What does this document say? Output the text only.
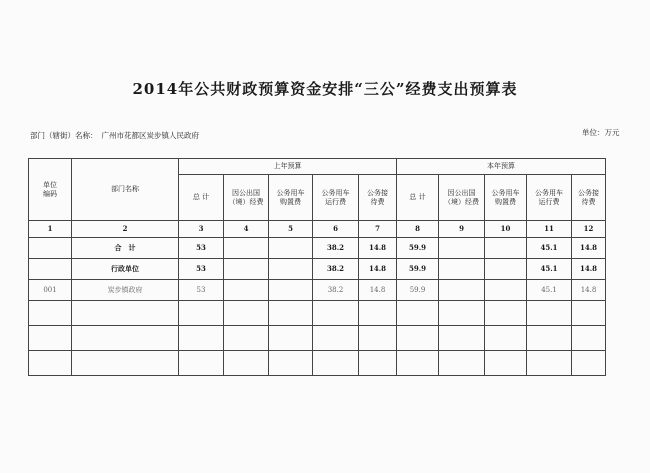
2014年公共财政预算资金安排“三公”经费支出预算表
部门（辖街）名称： 广州市花都区炭步镇人民政府	单位：万元
单位编码	部门名称	上年预算					本年预算				
		总 计	因公出国（境）经费	公务用车购置费	公务用车运行费	公务接待费	总 计	因公出国（境）经费	公务用车购置费	公务用车运行费	公务接待费

1	2	3	4	5	6	7	8	9	10	11	12
	合　计	53			38.2	14.8	59.9			45.1	14.8
	行政单位	53			38.2	14.8	59.9			45.1	14.8
001	炭步镇政府	53			38.2	14.8	59.9			45.1	14.8
